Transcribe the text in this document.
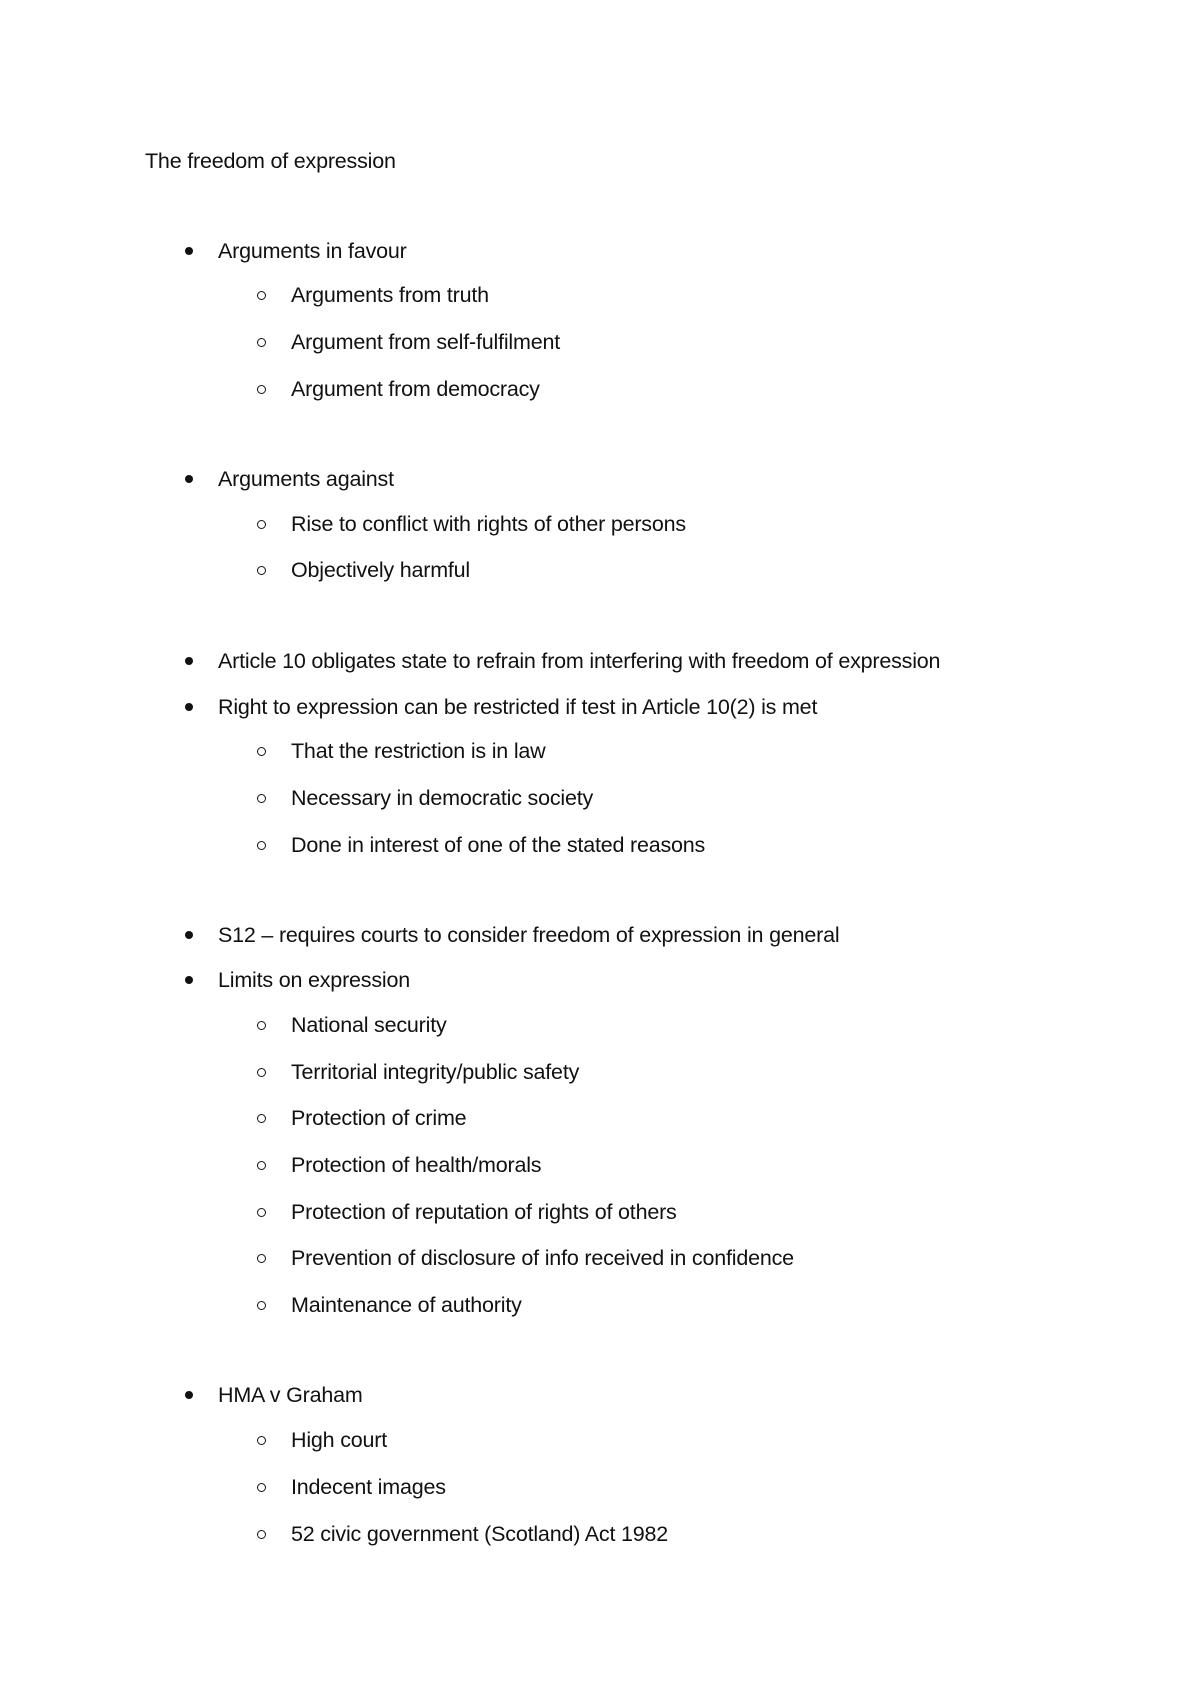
The freedom of expression
Arguments in favour
Arguments from truth
Argument from self-fulfilment
Argument from democracy
Arguments against
Rise to conflict with rights of other persons
Objectively harmful
Article 10 obligates state to refrain from interfering with freedom of expression
Right to expression can be restricted if test in Article 10(2) is met
That the restriction is in law
Necessary in democratic society
Done in interest of one of the stated reasons
S12 – requires courts to consider freedom of expression in general
Limits on expression
National security
Territorial integrity/public safety
Protection of crime
Protection of health/morals
Protection of reputation of rights of others
Prevention of disclosure of info received in confidence
Maintenance of authority
HMA v Graham
High court
Indecent images
52 civic government (Scotland) Act 1982
